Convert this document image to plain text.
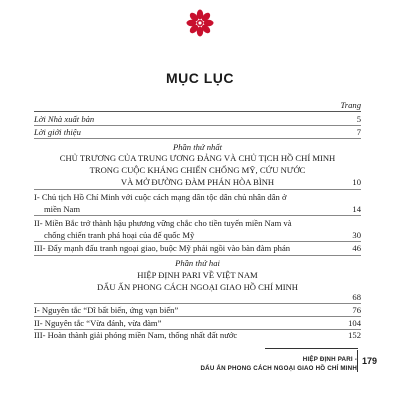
MỤC LỤC
Trang
Lời Nhà xuất bản	5
Lời giới thiệu	7
Phần thứ nhất
CHỦ TRƯƠNG CỦA TRUNG ƯƠNG ĐẢNG VÀ CHỦ TỊCH HỒ CHÍ MINH
TRONG CUỘC KHÁNG CHIẾN CHỐNG MỸ, CỨU NƯỚC
VÀ MỞ ĐƯỜNG ĐÀM PHÁN HÒA BÌNH	10
I- Chủ tịch Hồ Chí Minh với cuộc cách mạng dân tộc dân chủ nhân dân ở
miền Nam	14
II- Miền Bắc trở thành hậu phương vững chắc cho tiền tuyến miền Nam và
chống chiến tranh phá hoại của đế quốc Mỹ	30
III- Đẩy mạnh đấu tranh ngoại giao, buộc Mỹ phải ngồi vào bàn đàm phán	46
Phần thứ hai
HIỆP ĐỊNH PARI VỀ VIỆT NAM
DẤU ẤN PHONG CÁCH NGOẠI GIAO HỒ CHÍ MINH
68
I- Nguyên tắc “Dĩ bất biến, ứng vạn biến”	76
II- Nguyên tắc “Vừa đánh, vừa đàm”	104
III- Hoàn thành giải phóng miền Nam, thống nhất đất nước	152
HIỆP ĐỊNH PARI -
DẤU ẤN PHONG CÁCH NGOẠI GIAO HỒ CHÍ MINH
179
